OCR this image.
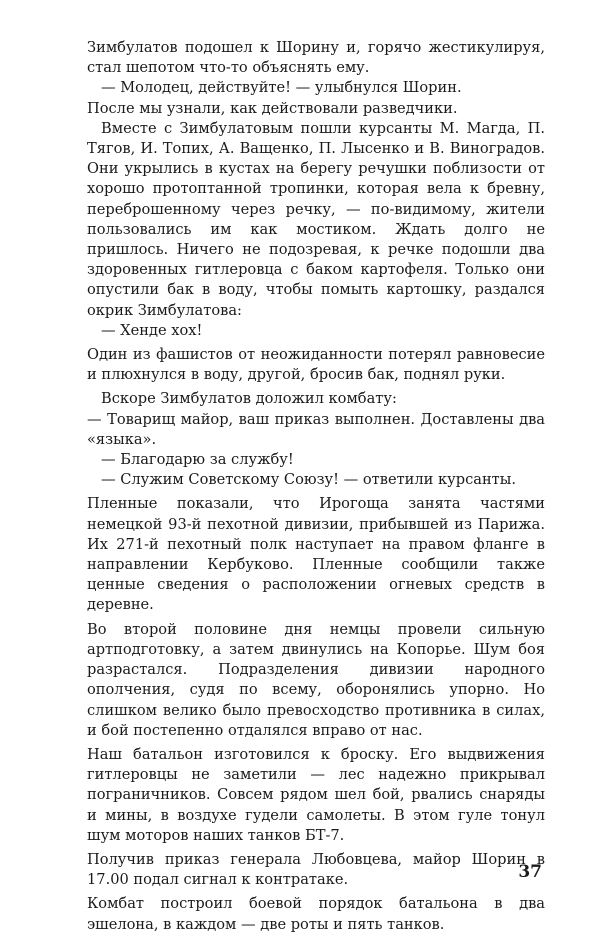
Зимбулатов подошел к Шорину и, горячо жестикулируя, стал шепотом что-то объяснять ему.

— Молодец, действуйте! — улыбнулся Шорин.

После мы узнали, как действовали разведчики.

Вместе с Зимбулатовым пошли курсанты М. Магда, П. Тягов, И. Топих, А. Ващенко, П. Лысенко и В. Виноградов. Они укрылись в кустах на берегу речушки поблизости от хорошо протоптанной тропинки, которая вела к бревну, переброшенному через речку, — по-видимому, жители пользовались им как мостиком. Ждать долго не пришлось. Ничего не подозревая, к речке подошли два здоровенных гитлеровца с баком картофеля. Только они опустили бак в воду, чтобы помыть картошку, раздался окрик Зимбулатова:

— Хенде хох!

Один из фашистов от неожиданности потерял равновесие и плюхнулся в воду, другой, бросив бак, поднял руки.

Вскоре Зимбулатов доложил комбату:

— Товарищ майор, ваш приказ выполнен. Доставлены два «языка».

— Благодарю за службу!

— Служим Советскому Союзу! — ответили курсанты.

Пленные показали, что Ирогоща занята частями немецкой 93-й пехотной дивизии, прибывшей из Парижа. Их 271-й пехотный полк наступает на правом фланге в направлении Кербуково. Пленные сообщили также ценные сведения о расположении огневых средств в деревне.

Во второй половине дня немцы провели сильную артподготовку, а затем двинулись на Копорье. Шум боя разрастался. Подразделения дивизии народного ополчения, судя по всему, оборонялись упорно. Но слишком велико было превосходство противника в силах, и бой постепенно отдалялся вправо от нас.

Наш батальон изготовился к броску. Его выдвижения гитлеровцы не заметили — лес надежно прикрывал пограничников. Совсем рядом шел бой, рвались снаряды и мины, в воздухе гудели самолеты. В этом гуле тонул шум моторов наших танков БТ-7.

Получив приказ генерала Любовцева, майор Шорин в 17.00 подал сигнал к контратаке.

Комбат построил боевой порядок батальона в два эшелона, в каждом — две роты и пять танков.

37
